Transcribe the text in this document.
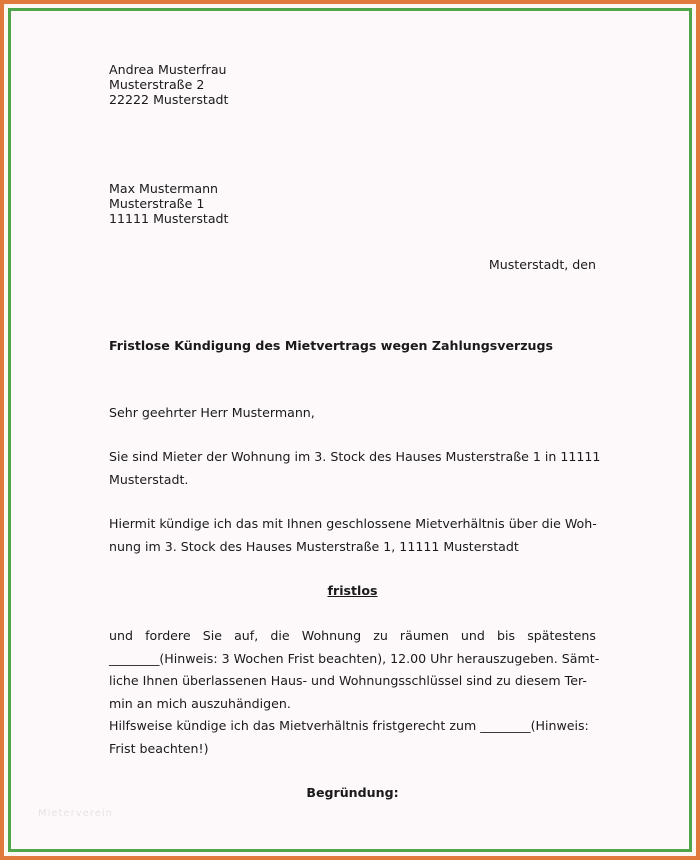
Andrea Musterfrau
Musterstraße 2
22222 Musterstadt
Max Mustermann
Musterstraße 1
11111 Musterstadt
Musterstadt, den
Fristlose Kündigung des Mietvertrags wegen Zahlungsverzugs
Sehr geehrter Herr Mustermann,
Sie sind Mieter der Wohnung im 3. Stock des Hauses Musterstraße 1 in 11111
Musterstadt.
Hiermit kündige ich das mit Ihnen geschlossene Mietverhältnis über die Woh-
nung im 3. Stock des Hauses Musterstraße 1, 11111 Musterstadt
fristlos
und fordere Sie auf, die Wohnung zu räumen und bis spätestens
________(Hinweis: 3 Wochen Frist beachten), 12.00 Uhr herauszugeben. Sämt-
liche Ihnen überlassenen Haus- und Wohnungsschlüssel sind zu diesem Ter-
min an mich auszuhändigen.
Hilfsweise kündige ich das Mietverhältnis fristgerecht zum ________(Hinweis:
Frist beachten!)
Begründung:
Mieterverein
